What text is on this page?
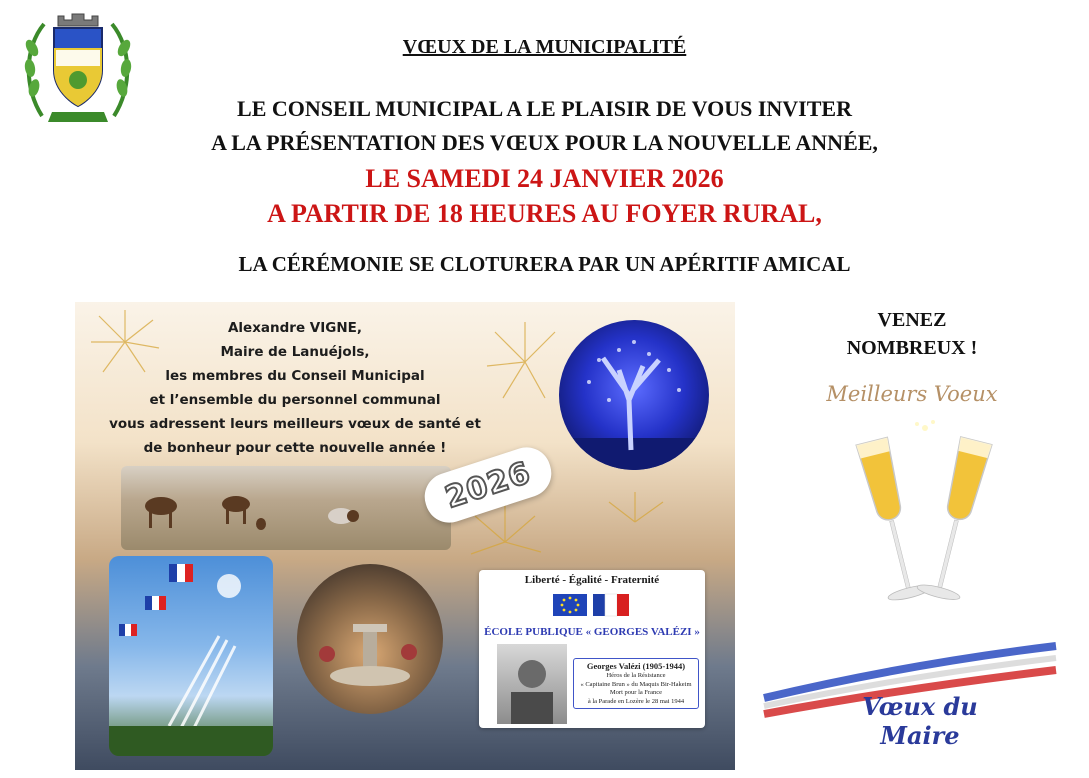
VŒUX DE LA MUNICIPALITÉ
LE CONSEIL MUNICIPAL A LE PLAISIR DE VOUS INVITER
A LA PRÉSENTATION DES VŒUX POUR LA NOUVELLE ANNÉE,
LE SAMEDI 24 JANVIER 2026
A PARTIR DE 18 HEURES AU FOYER RURAL,
LA CÉRÉMONIE SE CLOTURERA PAR UN APÉRITIF AMICAL
Alexandre VIGNE,
Maire de Lanuéjols,
les membres du Conseil Municipal
et l’ensemble du personnel communal
vous adressent leurs meilleurs vœux de santé et
de bonheur pour cette nouvelle année !
2026
Liberté - Égalité - Fraternité
ÉCOLE PUBLIQUE « GEORGES VALÉZI »
Georges Valézi (1905-1944)
Héros de la Résistance
« Capitaine Brun » du Maquis Bir-Hakeim
Mort pour la France
à la Parade en Lozère le 28 mai 1944
VENEZ
NOMBREUX !
Meilleurs Voeux
Vœux du Maire
